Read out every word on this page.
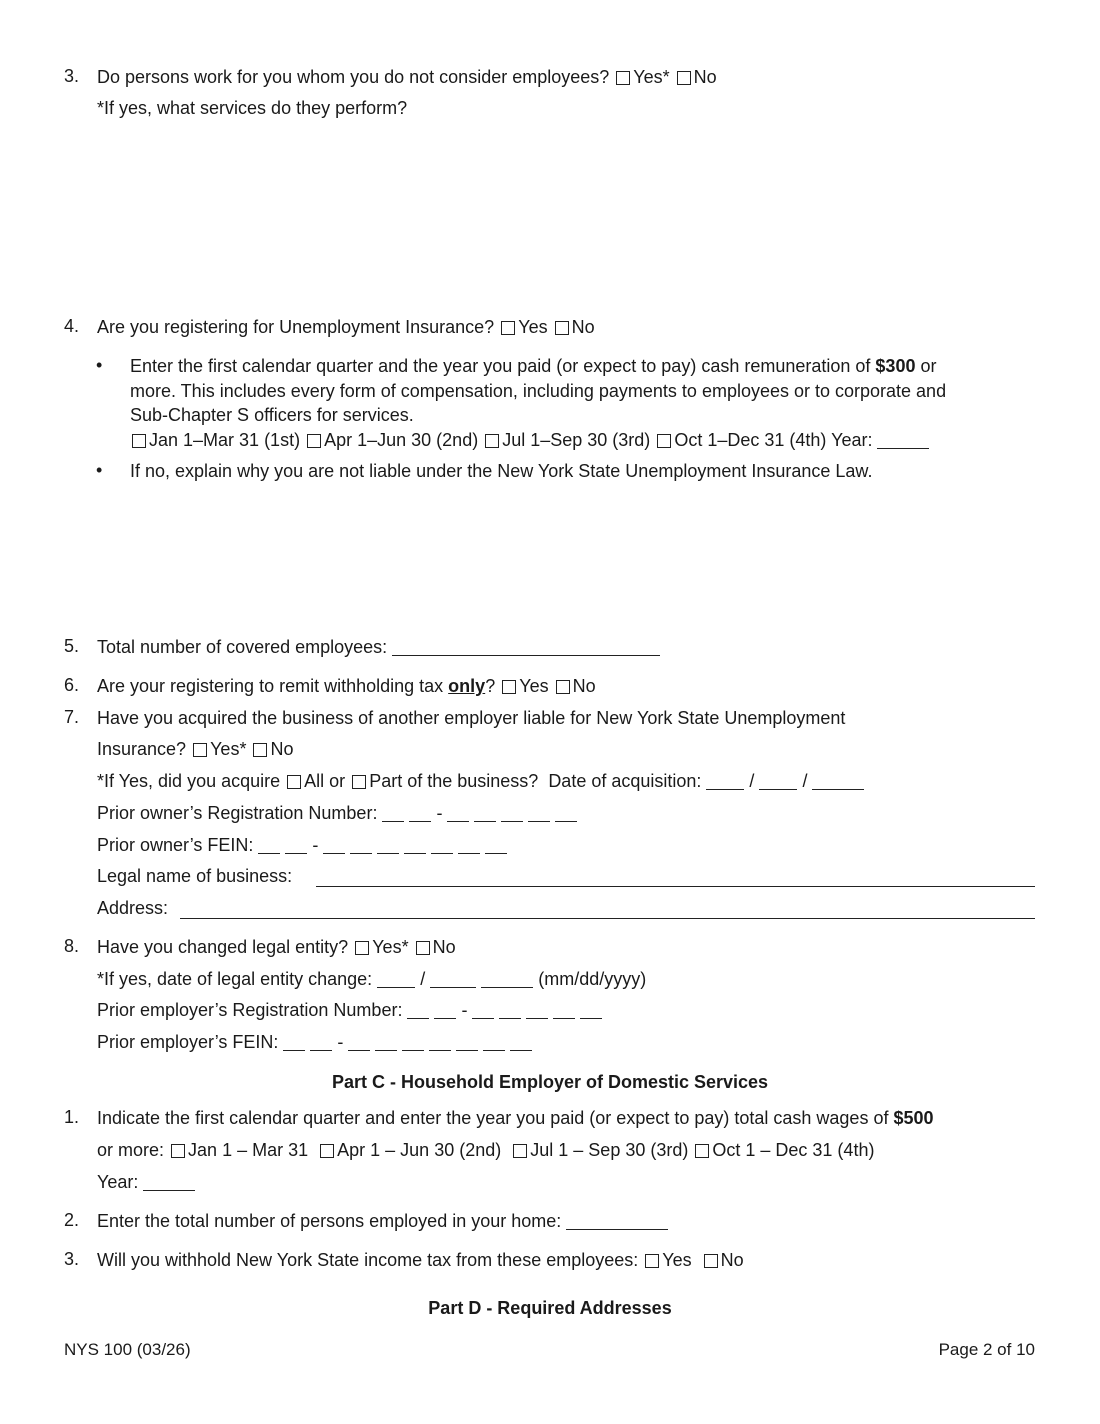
3. Do persons work for you whom you do not consider employees? Yes* No
*If yes, what services do they perform?
4. Are you registering for Unemployment Insurance? Yes No
• Enter the first calendar quarter and the year you paid (or expect to pay) cash remuneration of $300 or
more. This includes every form of compensation, including payments to employees or to corporate and
Sub-Chapter S officers for services.
Jan 1–Mar 31 (1st) Apr 1–Jun 30 (2nd) Jul 1–Sep 30 (3rd) Oct 1–Dec 31 (4th) Year:
• If no, explain why you are not liable under the New York State Unemployment Insurance Law.
5. Total number of covered employees:
6. Are your registering to remit withholding tax only? Yes No
7. Have you acquired the business of another employer liable for New York State Unemployment
Insurance? Yes* No
*If Yes, did you acquire All or Part of the business? Date of acquisition:  /  /
Prior owner’s Registration Number:	-
Prior owner’s FEIN:	-
Legal name of business:
Address:
8. Have you changed legal entity? Yes* No
*If yes, date of legal entity change:  /	(mm/dd/yyyy)
Prior employer’s Registration Number:	-
Prior employer’s FEIN:	-
Part C - Household Employer of Domestic Services
1. Indicate the first calendar quarter and enter the year you paid (or expect to pay) total cash wages of $500
or more: Jan 1 – Mar 31 Apr 1 – Jun 30 (2nd) Jul 1 – Sep 30 (3rd) Oct 1 – Dec 31 (4th)
Year:
2. Enter the total number of persons employed in your home:
3. Will you withhold New York State income tax from these employees: Yes No
Part D - Required Addresses
NYS 100 (03/26)	Page 2 of 10
